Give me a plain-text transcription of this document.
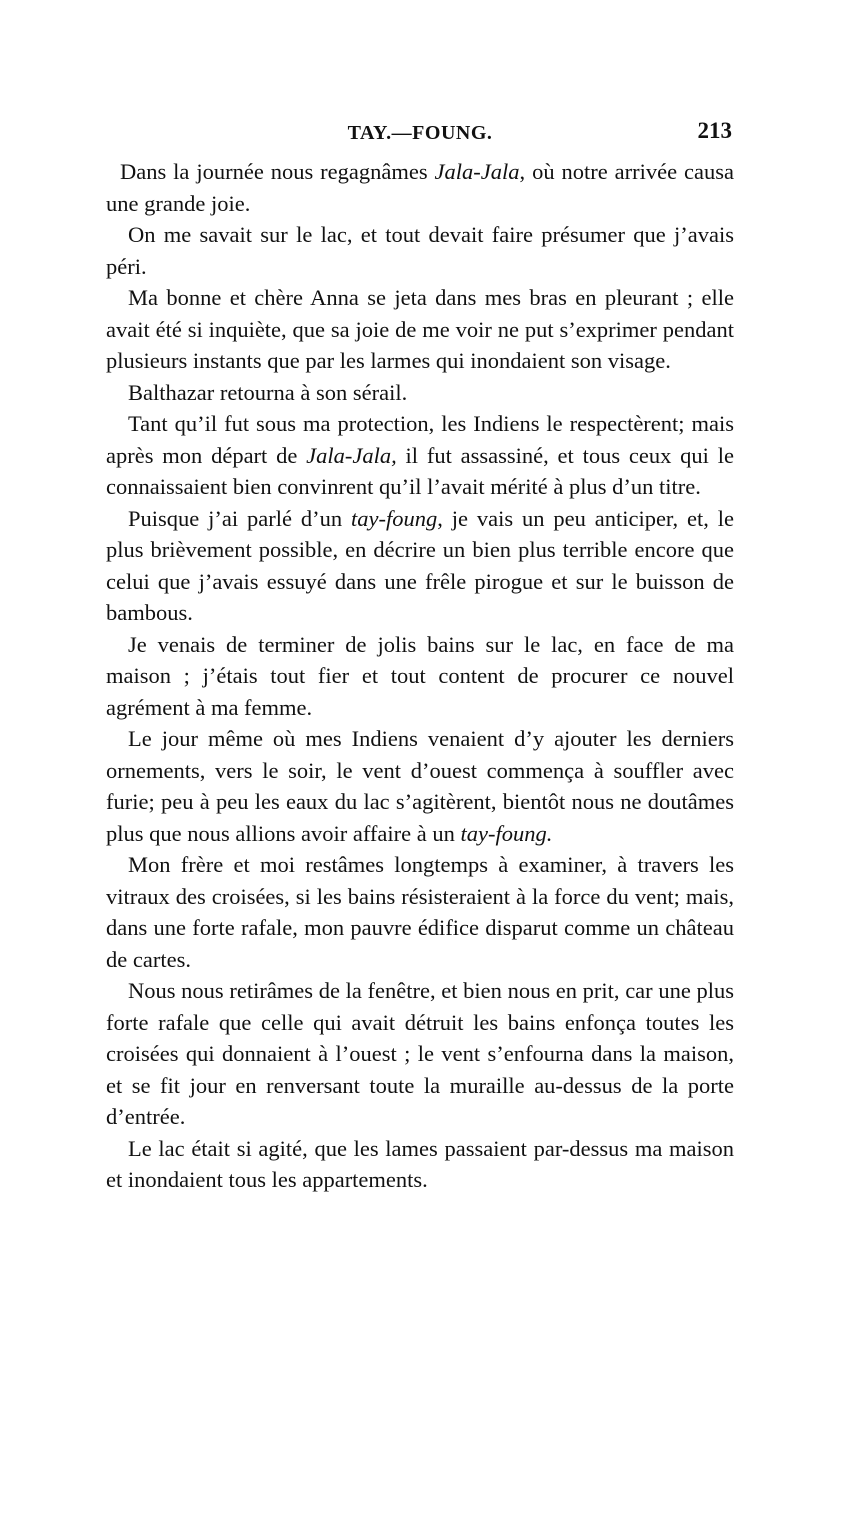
TAY.—FOUNG.	213

Dans la journée nous regagnâmes Jala-Jala, où notre arrivée causa une grande joie.

On me savait sur le lac, et tout devait faire présumer que j’avais péri.

Ma bonne et chère Anna se jeta dans mes bras en pleurant ; elle avait été si inquiète, que sa joie de me voir ne put s’exprimer pendant plusieurs instants que par les larmes qui inondaient son visage.

Balthazar retourna à son sérail.

Tant qu’il fut sous ma protection, les Indiens le respectèrent; mais après mon départ de Jala-Jala, il fut assassiné, et tous ceux qui le connaissaient bien convinrent qu’il l’avait mérité à plus d’un titre.

Puisque j’ai parlé d’un tay-foung, je vais un peu anticiper, et, le plus brièvement possible, en décrire un bien plus terrible encore que celui que j’avais essuyé dans une frêle pirogue et sur le buisson de bambous.

Je venais de terminer de jolis bains sur le lac, en face de ma maison ; j’étais tout fier et tout content de procurer ce nouvel agrément à ma femme.

Le jour même où mes Indiens venaient d’y ajouter les derniers ornements, vers le soir, le vent d’ouest commença à souffler avec furie; peu à peu les eaux du lac s’agitèrent, bientôt nous ne doutâmes plus que nous allions avoir affaire à un tay-foung.

Mon frère et moi restâmes longtemps à examiner, à travers les vitraux des croisées, si les bains résisteraient à la force du vent; mais, dans une forte rafale, mon pauvre édifice disparut comme un château de cartes.

Nous nous retirâmes de la fenêtre, et bien nous en prit, car une plus forte rafale que celle qui avait détruit les bains enfonça toutes les croisées qui donnaient à l’ouest ; le vent s’enfourna dans la maison, et se fit jour en renversant toute la muraille au-dessus de la porte d’entrée.

Le lac était si agité, que les lames passaient par-dessus ma maison et inondaient tous les appartements.
